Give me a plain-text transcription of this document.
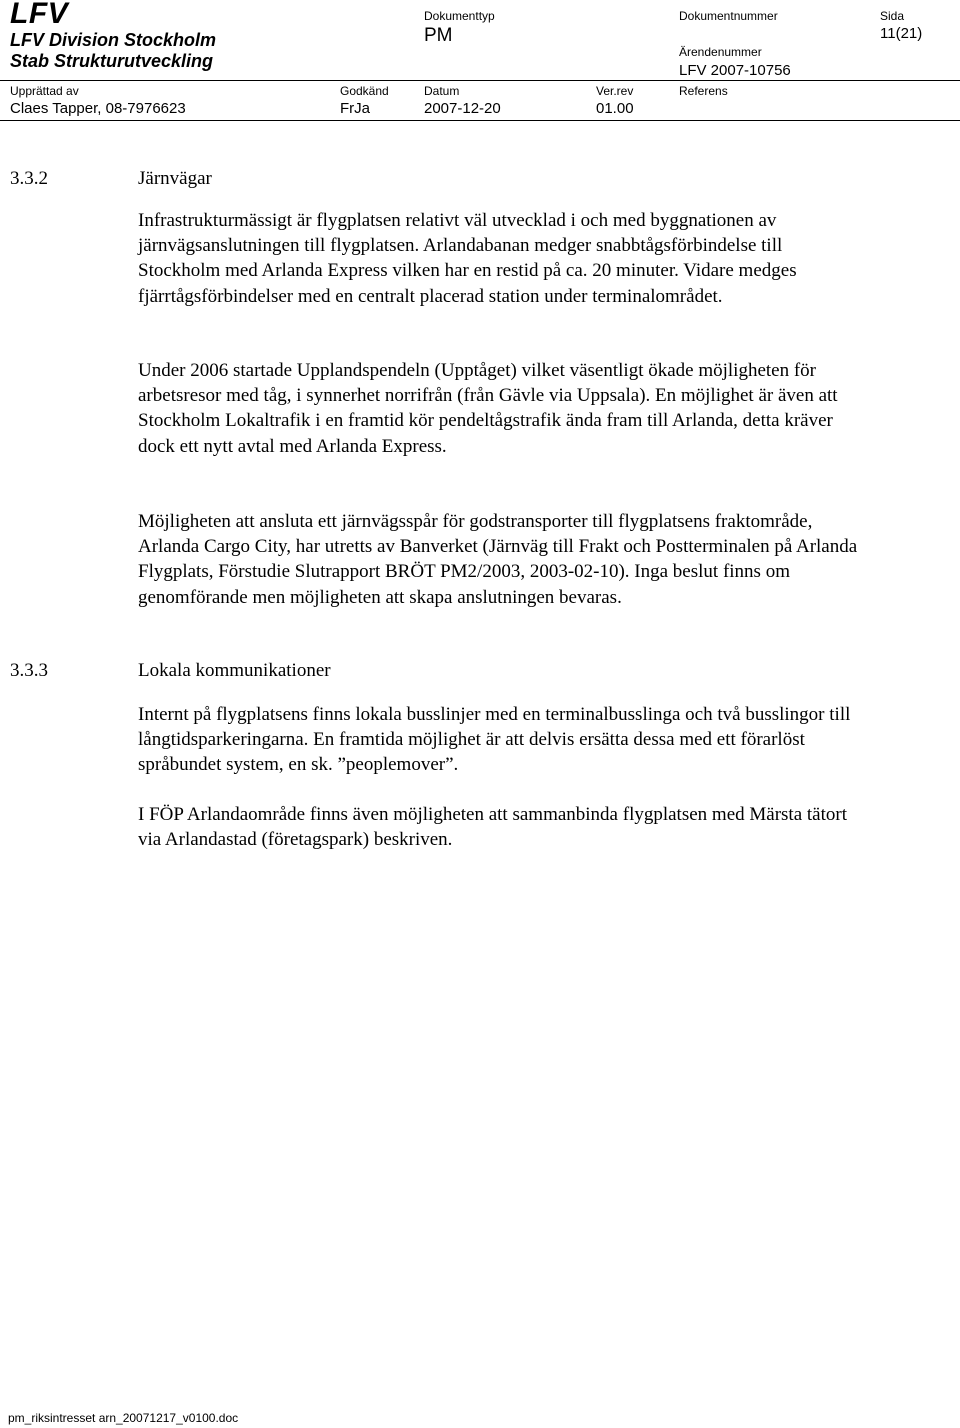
LFV
LFV Division Stockholm
Stab Strukturutveckling
Dokumenttyp
PM
Dokumentnummer
Ärendenummer
LFV 2007-10756
Sida
11(21)
Upprättad av
Claes Tapper, 08-7976623
Godkänd
FrJa
Datum
2007-12-20
Ver.rev
01.00
Referens
3.3.2	Järnvägar

Infrastrukturmässigt är flygplatsen relativt väl utvecklad i och med byggnationen av järnvägsanslutningen till flygplatsen. Arlandabanan medger snabbtågsförbindelse till Stockholm med Arlanda Express vilken har en restid på ca. 20 minuter. Vidare medges fjärrtågsförbindelser med en centralt placerad station under terminalområdet.

Under 2006 startade Upplandspendeln (Upptåget) vilket väsentligt ökade möjligheten för arbetsresor med tåg, i synnerhet norrifrån (från Gävle via Uppsala). En möjlighet är även att Stockholm Lokaltrafik i en framtid kör pendeltågstrafik ända fram till Arlanda, detta kräver dock ett nytt avtal med Arlanda Express.

Möjligheten att ansluta ett järnvägsspår för godstransporter till flygplatsens fraktområde, Arlanda Cargo City, har utretts av Banverket (Järnväg till Frakt och Postterminalen på Arlanda Flygplats, Förstudie Slutrapport BRÖT PM2/2003, 2003-02-10). Inga beslut finns om genomförande men möjligheten att skapa anslutningen bevaras.

3.3.3	Lokala kommunikationer

Internt på flygplatsens finns lokala busslinjer med en terminalbusslinga och två busslingor till långtidsparkeringarna. En framtida möjlighet är att delvis ersätta dessa med ett förarlöst språbundet system, en sk. ”peoplemover”.

I FÖP Arlandaområde finns även möjligheten att sammanbinda flygplatsen med Märsta tätort via Arlandastad (företagspark) beskriven.

pm_riksintresset arn_20071217_v0100.doc
